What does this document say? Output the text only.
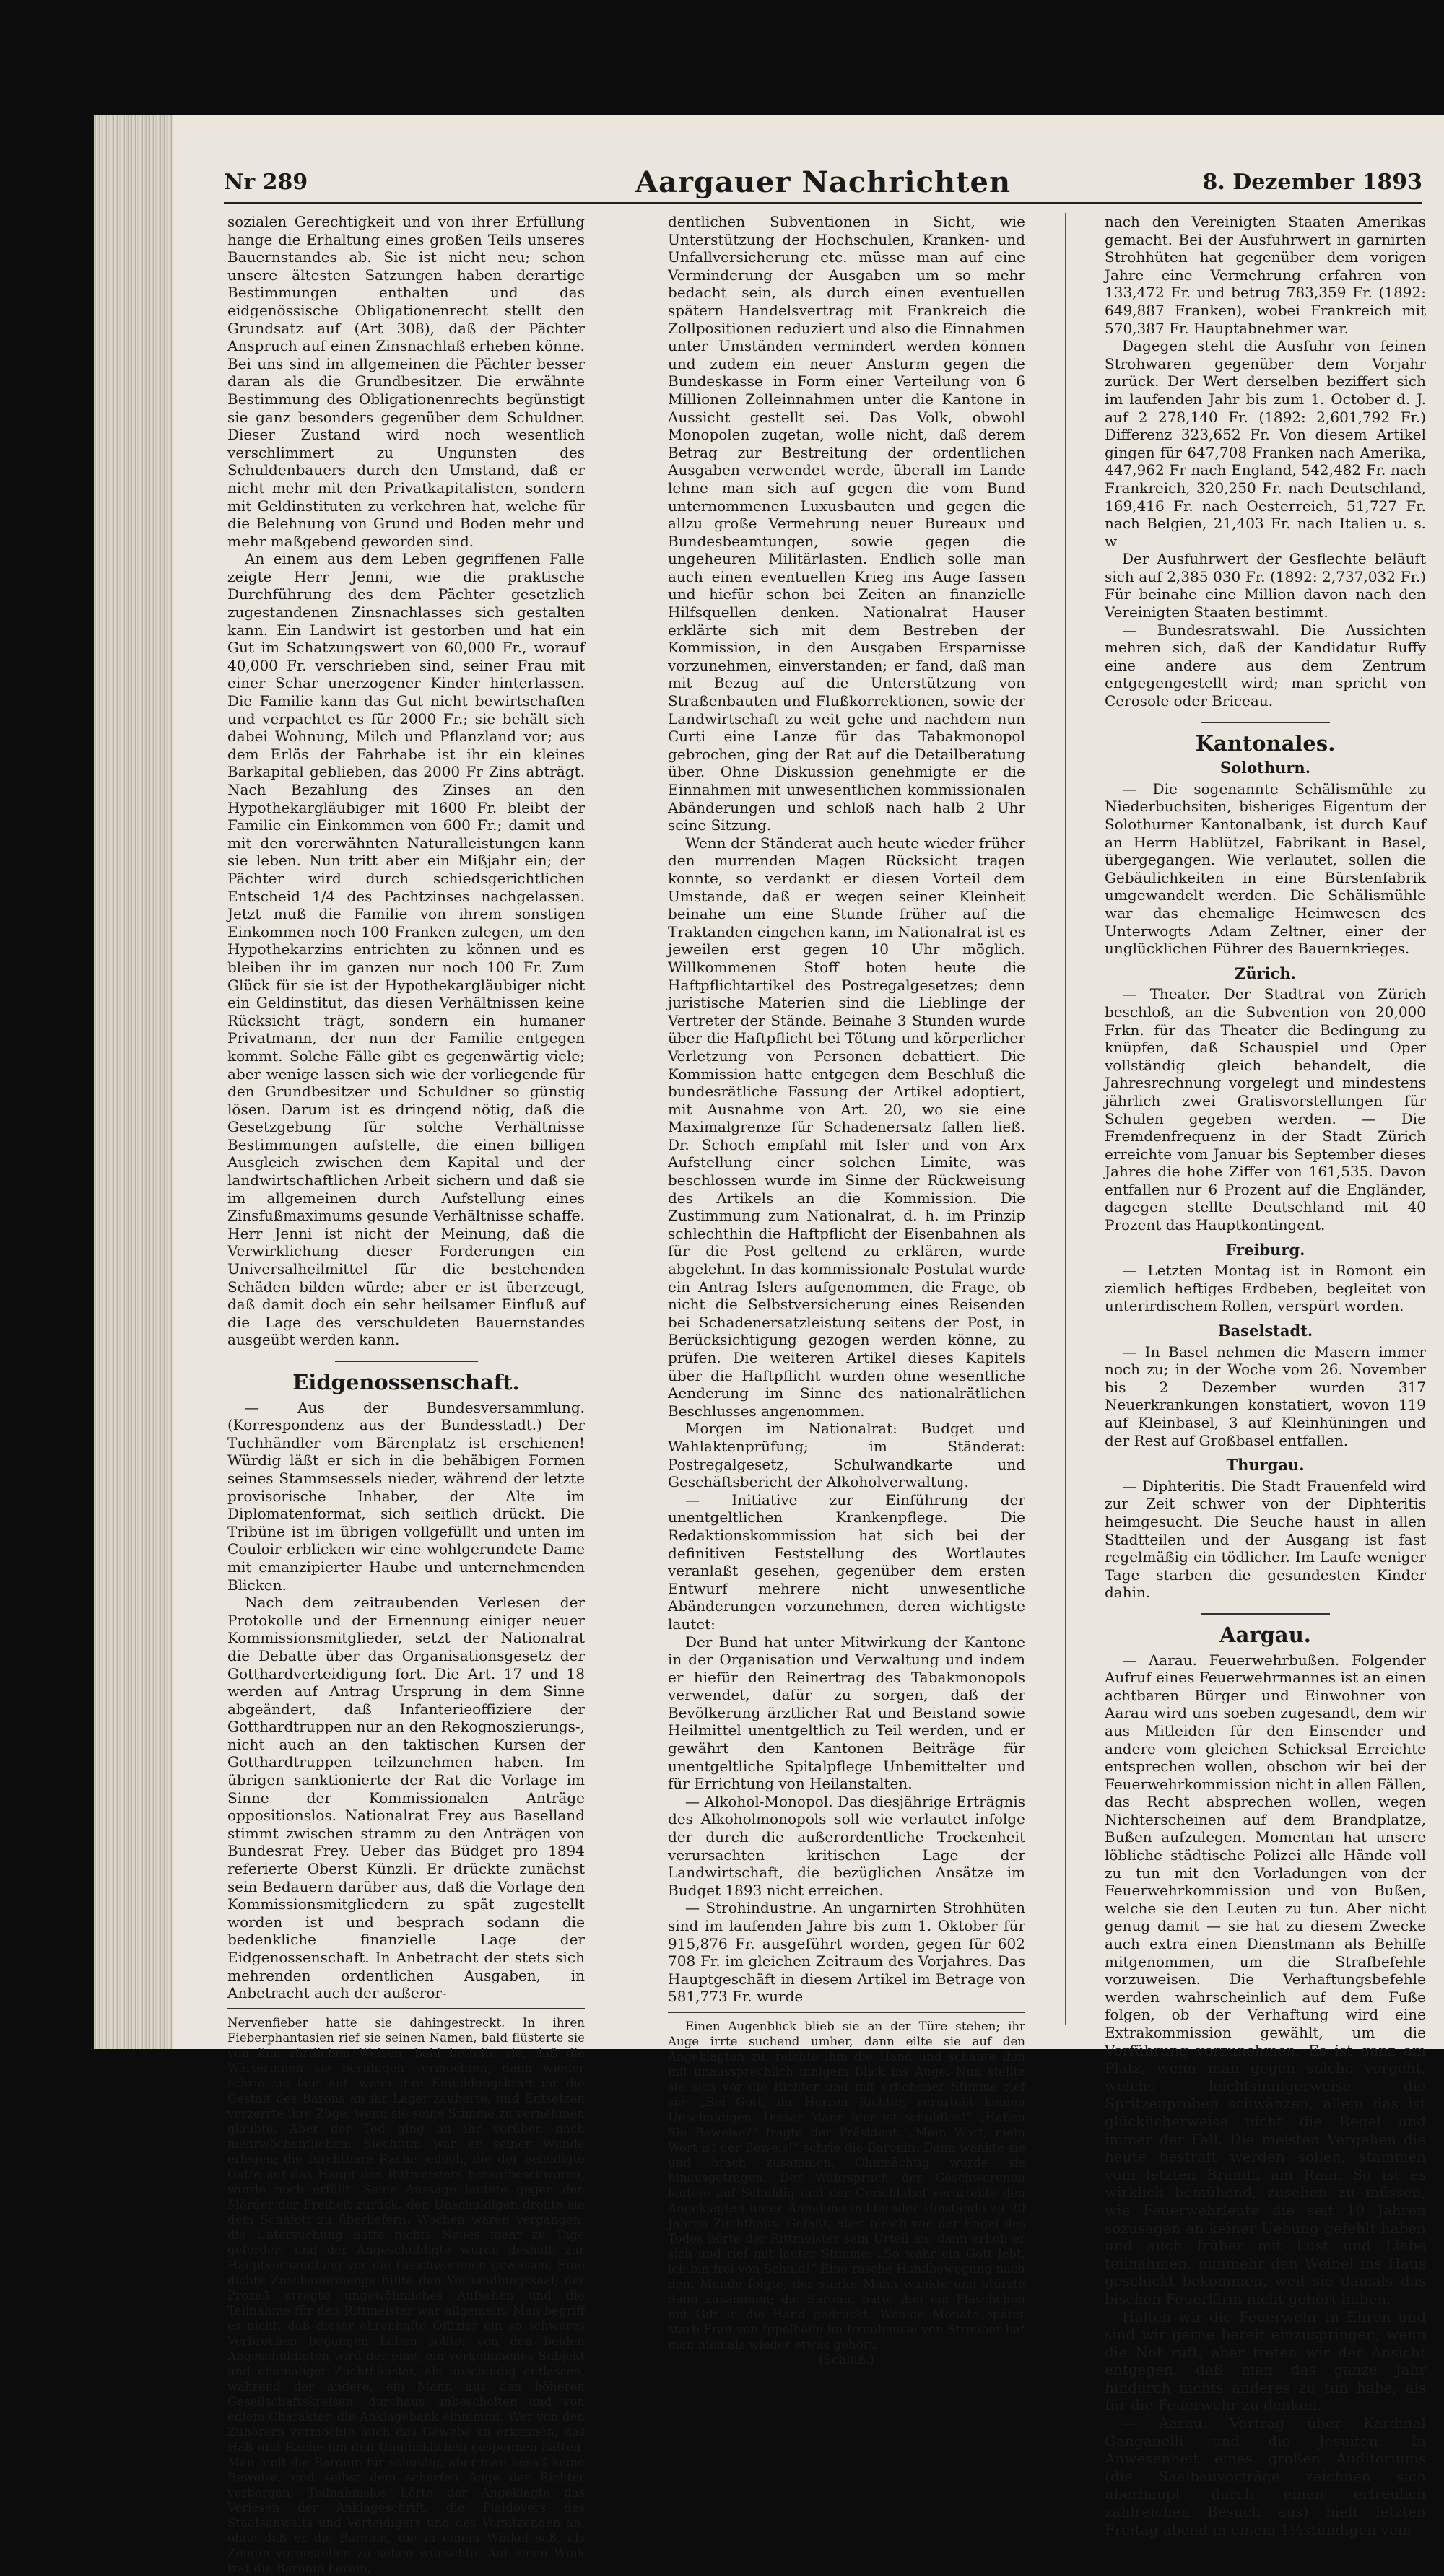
Nr 289	Aargauer Nachrichten	8. Dezember 1893

sozialen Gerechtigkeit und von ihrer Erfüllung hange die Erhaltung eines großen Teils unseres Bauernstandes ab. Sie ist nicht neu; schon unsere ältesten Satzungen haben derartige Bestimmungen enthalten und das eidgenössische Obligationenrecht stellt den Grundsatz auf (Art 308), daß der Pächter Anspruch auf einen Zinsnachlaß erheben könne. Bei uns sind im allgemeinen die Pächter besser daran als die Grundbesitzer. Die erwähnte Bestimmung des Obligationenrechts begünstigt sie ganz besonders gegenüber dem Schuldner. Dieser Zustand wird noch wesentlich verschlimmert zu Ungunsten des Schuldenbauers durch den Umstand, daß er nicht mehr mit den Privatkapitalisten, sondern mit Geldinstituten zu verkehren hat, welche für die Belehnung von Grund und Boden mehr und mehr maßgebend geworden sind.

An einem aus dem Leben gegriffenen Falle zeigte Herr Jenni, wie die praktische Durchführung des dem Pächter gesetzlich zugestandenen Zinsnachlasses sich gestalten kann. Ein Landwirt ist gestorben und hat ein Gut im Schatzungswert von 60,000 Fr., worauf 40,000 Fr. verschrieben sind, seiner Frau mit einer Schar unerzogener Kinder hinterlassen. Die Familie kann das Gut nicht bewirtschaften und verpachtet es für 2000 Fr.; sie behält sich dabei Wohnung, Milch und Pflanzland vor; aus dem Erlös der Fahrhabe ist ihr ein kleines Barkapital geblieben, das 2000 Fr Zins abträgt. Nach Bezahlung des Zinses an den Hypothekargläubiger mit 1600 Fr. bleibt der Familie ein Einkommen von 600 Fr.; damit und mit den vorerwähnten Naturalleistungen kann sie leben. Nun tritt aber ein Mißjahr ein; der Pächter wird durch schiedsgerichtlichen Entscheid 1/4 des Pachtzinses nachgelassen. Jetzt muß die Familie von ihrem sonstigen Einkommen noch 100 Franken zulegen, um den Hypothekarzins entrichten zu können und es bleiben ihr im ganzen nur noch 100 Fr. Zum Glück für sie ist der Hypothekargläubiger nicht ein Geldinstitut, das diesen Verhältnissen keine Rücksicht trägt, sondern ein humaner Privatmann, der nun der Familie entgegen kommt. Solche Fälle gibt es gegenwärtig viele; aber wenige lassen sich wie der vorliegende für den Grundbesitzer und Schuldner so günstig lösen. Darum ist es dringend nötig, daß die Gesetzgebung für solche Verhältnisse Bestimmungen aufstelle, die einen billigen Ausgleich zwischen dem Kapital und der landwirtschaftlichen Arbeit sichern und daß sie im allgemeinen durch Aufstellung eines Zinsfußmaximums gesunde Verhältnisse schaffe. Herr Jenni ist nicht der Meinung, daß die Verwirklichung dieser Forderungen ein Universalheilmittel für die bestehenden Schäden bilden würde; aber er ist überzeugt, daß damit doch ein sehr heilsamer Einfluß auf die Lage des verschuldeten Bauernstandes ausgeübt werden kann.

Eidgenossenschaft.

— Aus der Bundesversammlung. (Korrespondenz aus der Bundesstadt.) Der Tuchhändler vom Bärenplatz ist erschienen! Würdig läßt er sich in die behäbigen Formen seines Stammsessels nieder, während der letzte provisorische Inhaber, der Alte im Diplomatenformat, sich seitlich drückt. Die Tribüne ist im übrigen vollgefüllt und unten im Couloir erblicken wir eine wohlgerundete Dame mit emanzipierter Haube und unternehmenden Blicken.

Nach dem zeitraubenden Verlesen der Protokolle und der Ernennung einiger neuer Kommissionsmitglieder, setzt der Nationalrat die Debatte über das Organisationsgesetz der Gotthardverteidigung fort. Die Art. 17 und 18 werden auf Antrag Ursprung in dem Sinne abgeändert, daß Infanterieoffiziere der Gotthardtruppen nur an den Rekognoszierungs-, nicht auch an den taktischen Kursen der Gotthardtruppen teilzunehmen haben. Im übrigen sanktionierte der Rat die Vorlage im Sinne der Kommissionalen Anträge oppositionslos. Nationalrat Frey aus Baselland stimmt zwischen stramm zu den Anträgen von Bundesrat Frey. Ueber das Büdget pro 1894 referierte Oberst Künzli. Er drückte zunächst sein Bedauern darüber aus, daß die Vorlage den Kommissionsmitgliedern zu spät zugestellt worden ist und besprach sodann die bedenkliche finanzielle Lage der Eidgenossenschaft. In Anbetracht der stets sich mehrenden ordentlichen Ausgaben, in Anbetracht auch der außeror-

Nervenfieber hatte sie dahingestreckt. In ihren Fieberphantasien rief sie seinen Namen, bald flüsterte sie von ihm zärtlichen Weisen, bald bettelte sie, daß die Wärterinnen sie beruhigen vermochten, dann wieder schrie sie laut auf, wenn ihre Einbildungskraft ihr die Gestalt des Barons an ihr Lager zauberte, und Entsetzen verzerrte ihre Züge, wenn sie seine Stimme zu vernehmen glaubte. Aber der Tod ging an ihr vorüber, nach mehrwöchentlichem Siechtum war er seiner Wunde erlegen; die furchtbare Rache jedoch, die der beleidigte Gatte auf das Haupt des Rittmeisters heraufbeschworen, wurde noch erfüllt. Seine Aussage lautete gegen den Mörder der Freiheit zurück, den Unschuldigen drohte sie dem Schafott zu überliefern. Wochen waren vergangen; die Untersuchung hatte nichts Neues mehr zu Tage gefördert und der Angeschuldigte wurde deshalb zur Hauptverhandlung vor die Geschworenen gewiesen. Eine dichte Zuschauermenge füllte den Verhandlungssaal; der Prozeß erregte ungewöhnliches Aufsehen und die Teilnahme für den Rittmeister war allgemein. Man begriff es nicht, daß dieser ehrenhafte Offizier ein so schweres Verbrechen begangen haben sollte; von den beiden Angeschuldigten wird der eine, ein verkommenes Subjekt und ehemaliger Zuchthäusler, als unschuldig entlassen, während der andere, ein Mann aus den höheren Gesellschaftskreisen, durchaus unbescholten und von edlem Charakter, die Anklagebank einnimmt. Wer von den Zuhörern vermochte auch das Gewebe zu erkennen, das Haß und Rache um den Unglücklichen gesponnen hatten. Man hielt die Baronin für schuldig, aber man besaß keine Beweise, und selbst dem scharfen Auge der Richter verborgen. Teilnahmslos hörte der Angeklagte das Verlesen der Anklageschrift, die Plaidoyers des Staatsanwalts und Verteidigers und des Vorsitzenden an, ohne daß er die Baronin, die in einem Winkel saß, als Zeugin vorgestellen zu sehen wünschte. Auf einen Wink trat die Baronin herein,

dentlichen Subventionen in Sicht, wie Unterstützung der Hochschulen, Kranken- und Unfallversicherung etc. müsse man auf eine Verminderung der Ausgaben um so mehr bedacht sein, als durch einen eventuellen spätern Handelsvertrag mit Frankreich die Zollpositionen reduziert und also die Einnahmen unter Umständen vermindert werden können und zudem ein neuer Ansturm gegen die Bundeskasse in Form einer Verteilung von 6 Millionen Zolleinnahmen unter die Kantone in Aussicht gestellt sei. Das Volk, obwohl Monopolen zugetan, wolle nicht, daß derem Betrag zur Bestreitung der ordentlichen Ausgaben verwendet werde, überall im Lande lehne man sich auf gegen die vom Bund unternommenen Luxusbauten und gegen die allzu große Vermehrung neuer Bureaux und Bundesbeamtungen, sowie gegen die ungeheuren Militärlasten. Endlich solle man auch einen eventuellen Krieg ins Auge fassen und hiefür schon bei Zeiten an finanzielle Hilfsquellen denken. Nationalrat Hauser erklärte sich mit dem Bestreben der Kommission, in den Ausgaben Ersparnisse vorzunehmen, einverstanden; er fand, daß man mit Bezug auf die Unterstützung von Straßenbauten und Flußkorrektionen, sowie der Landwirtschaft zu weit gehe und nachdem nun Curti eine Lanze für das Tabakmonopol gebrochen, ging der Rat auf die Detailberatung über. Ohne Diskussion genehmigte er die Einnahmen mit unwesentlichen kommissionalen Abänderungen und schloß nach halb 2 Uhr seine Sitzung.

Wenn der Ständerat auch heute wieder früher den murrenden Magen Rücksicht tragen konnte, so verdankt er diesen Vorteil dem Umstande, daß er wegen seiner Kleinheit beinahe um eine Stunde früher auf die Traktanden eingehen kann, im Nationalrat ist es jeweilen erst gegen 10 Uhr möglich. Willkommenen Stoff boten heute die Haftpflichtartikel des Postregalgesetzes; denn juristische Materien sind die Lieblinge der Vertreter der Stände. Beinahe 3 Stunden wurde über die Haftpflicht bei Tötung und körperlicher Verletzung von Personen debattiert. Die Kommission hatte entgegen dem Beschluß die bundesrätliche Fassung der Artikel adoptiert, mit Ausnahme von Art. 20, wo sie eine Maximalgrenze für Schadenersatz fallen ließ. Dr. Schoch empfahl mit Isler und von Arx Aufstellung einer solchen Limite, was beschlossen wurde im Sinne der Rückweisung des Artikels an die Kommission. Die Zustimmung zum Nationalrat, d. h. im Prinzip schlechthin die Haftpflicht der Eisenbahnen als für die Post geltend zu erklären, wurde abgelehnt. In das kommissionale Postulat wurde ein Antrag Islers aufgenommen, die Frage, ob nicht die Selbstversicherung eines Reisenden bei Schadenersatzleistung seitens der Post, in Berücksichtigung gezogen werden könne, zu prüfen. Die weiteren Artikel dieses Kapitels über die Haftpflicht wurden ohne wesentliche Aenderung im Sinne des nationalrätlichen Beschlusses angenommen.

Morgen im Nationalrat: Budget und Wahlaktenprüfung; im Ständerat: Postregalgesetz, Schulwandkarte und Geschäftsbericht der Alkoholverwaltung.

— Initiative zur Einführung der unentgeltlichen Krankenpflege. Die Redaktionskommission hat sich bei der definitiven Feststellung des Wortlautes veranlaßt gesehen, gegenüber dem ersten Entwurf mehrere nicht unwesentliche Abänderungen vorzunehmen, deren wichtigste lautet:

Der Bund hat unter Mitwirkung der Kantone in der Organisation und Verwaltung und indem er hiefür den Reinertrag des Tabakmonopols verwendet, dafür zu sorgen, daß der Bevölkerung ärztlicher Rat und Beistand sowie Heilmittel unentgeltlich zu Teil werden, und er gewährt den Kantonen Beiträge für unentgeltliche Spitalpflege Unbemittelter und für Errichtung von Heilanstalten.

— Alkohol-Monopol. Das diesjährige Erträgnis des Alkoholmonopols soll wie verlautet infolge der durch die außerordentliche Trockenheit verursachten kritischen Lage der Landwirtschaft, die bezüglichen Ansätze im Budget 1893 nicht erreichen.

— Strohindustrie. An ungarnirten Strohhüten sind im laufenden Jahre bis zum 1. Oktober für 915,876 Fr. ausgeführt worden, gegen für 602 708 Fr. im gleichen Zeitraum des Vorjahres. Das Hauptgeschäft in diesem Artikel im Betrage von 581,773 Fr. wurde

Einen Augenblick blieb sie an der Türe stehen; ihr Auge irrte suchend umher, dann eilte sie auf den Angeklagten zu, reichte ihm die Hand und schaute ihm mit unaussprechlich innigem Blick ins Auge. Nun stellte sie sich vor die Richter und mit erhobener Stimme rief sie: „Bei Gott, ihr Herren Richter, verurteilt keinen Unschuldigen! Dieser Mann hier ist schuldlos!“ „Haben Sie Beweise?“ fragte der Präsident. „Mein Wort, mein Wort ist der Beweis!“ schrie die Baronin. Dann wankte sie und brach zusammen. Ohnmächtig wurde sie hinausgetragen. Der Wahrspruch der Geschworenen lautete auf Schuldig und der Gerichtshof verurteilte den Angeklagten unter Annahme mildernder Umstände zu 20 Jahren Zuchthaus. Gefaßt, aber bleich wie der Engel des Todes hörte der Rittmeister sein Urteil an, dann erhob er sich und rief mit lauter Stimme: „So wahr ein Gott lebt, ich bin frei von Schuld!“ Eine rasche Handbewegung nach dem Munde folgte, der starke Mann wankte und stürzte dann zusammen; die Baronin hatte ihm ein Fläschchen mit Gift in die Hand gedrückt. Wenige Monate später starb Frau von Ippelheim im Irrenhause; von Streuber hat man niemals wieder etwas gehört.

(Schluß.)

nach den Vereinigten Staaten Amerikas gemacht. Bei der Ausfuhrwert in garnirten Strohhüten hat gegenüber dem vorigen Jahre eine Vermehrung erfahren von 133,472 Fr. und betrug 783,359 Fr. (1892: 649,887 Franken), wobei Frankreich mit 570,387 Fr. Hauptabnehmer war.

Dagegen steht die Ausfuhr von feinen Strohwaren gegenüber dem Vorjahr zurück. Der Wert derselben beziffert sich im laufenden Jahr bis zum 1. October d. J. auf 2 278,140 Fr. (1892: 2,601,792 Fr.) Differenz 323,652 Fr. Von diesem Artikel gingen für 647,708 Franken nach Amerika, 447,962 Fr nach England, 542,482 Fr. nach Frankreich, 320,250 Fr. nach Deutschland, 169,416 Fr. nach Oesterreich, 51,727 Fr. nach Belgien, 21,403 Fr. nach Italien u. s. w

Der Ausfuhrwert der Gesflechte beläuft sich auf 2,385 030 Fr. (1892: 2,737,032 Fr.) Für beinahe eine Million davon nach den Vereinigten Staaten bestimmt.

— Bundesratswahl. Die Aussichten mehren sich, daß der Kandidatur Ruffy eine andere aus dem Zentrum entgegengestellt wird; man spricht von Cerosole oder Briceau.

Kantonales.
Solothurn.

— Die sogenannte Schälismühle zu Niederbuchsiten, bisheriges Eigentum der Solothurner Kantonalbank, ist durch Kauf an Herrn Hablützel, Fabrikant in Basel, übergegangen. Wie verlautet, sollen die Gebäulichkeiten in eine Bürstenfabrik umgewandelt werden. Die Schälismühle war das ehemalige Heimwesen des Unterwogts Adam Zeltner, einer der unglücklichen Führer des Bauernkrieges.

Zürich.

— Theater. Der Stadtrat von Zürich beschloß, an die Subvention von 20,000 Frkn. für das Theater die Bedingung zu knüpfen, daß Schauspiel und Oper vollständig gleich behandelt, die Jahresrechnung vorgelegt und mindestens jährlich zwei Gratisvorstellungen für Schulen gegeben werden. — Die Fremdenfrequenz in der Stadt Zürich erreichte vom Januar bis September dieses Jahres die hohe Ziffer von 161,535. Davon entfallen nur 6 Prozent auf die Engländer, dagegen stellte Deutschland mit 40 Prozent das Hauptkontingent.

Freiburg.

— Letzten Montag ist in Romont ein ziemlich heftiges Erdbeben, begleitet von unterirdischem Rollen, verspürt worden.

Baselstadt.

— In Basel nehmen die Masern immer noch zu; in der Woche vom 26. November bis 2 Dezember wurden 317 Neuerkrankungen konstatiert, wovon 119 auf Kleinbasel, 3 auf Kleinhüningen und der Rest auf Großbasel entfallen.

Thurgau.

— Diphteritis. Die Stadt Frauenfeld wird zur Zeit schwer von der Diphteritis heimgesucht. Die Seuche haust in allen Stadtteilen und der Ausgang ist fast regelmäßig ein tödlicher. Im Laufe weniger Tage starben die gesundesten Kinder dahin.

Aargau.

— Aarau. Feuerwehrbußen. Folgender Aufruf eines Feuerwehrmannes ist an einen achtbaren Bürger und Einwohner von Aarau wird uns soeben zugesandt, dem wir aus Mitleiden für den Einsender und andere vom gleichen Schicksal Erreichte entsprechen wollen, obschon wir bei der Feuerwehrkommission nicht in allen Fällen, das Recht absprechen wollen, wegen Nichterscheinen auf dem Brandplatze, Bußen aufzulegen. Momentan hat unsere löbliche städtische Polizei alle Hände voll zu tun mit den Vorladungen von der Feuerwehrkommission und von Bußen, welche sie den Leuten zu tun. Aber nicht genug damit — sie hat zu diesem Zwecke auch extra einen Dienstmann als Behilfe mitgenommen, um die Strafbefehle vorzuweisen. Die Verhaftungsbefehle werden wahrscheinlich auf dem Fuße folgen, ob der Verhaftung wird eine Extrakommission gewählt, um die Vorführung vorzunehmen. Es ist ganz am Platz, wenn man gegen solche vorgeht, welche leichtsinnigerweise die Spritzenproben schwänzen, allein das ist glücklicherweise nicht die Regel und immer der Fall. Die meisten Vergehen die heute bestraft werden sollen, stammen vom letzten Brändli am Rain. So ist es wirklich bemühend, zusehen zu müssen, wie Feuerwehrleute die seit 10 Jahren sozusagen an keiner Uebung gefehlt haben und auch früher mit Lust und Liebe teilnahmen, nunmehr den Weibel ins Haus geschickt bekommen, weil sie damals das bischen Feuerlärm nicht gehört haben.

Halten wir die Feuerwehr in Ehren und sind wir gerne bereit einzuspringen, wenn die Not ruft, aber treten wir der Ansicht entgegen, daß man das ganze Jahr hindurch nichts anderes zu tun habe, als für die Feuerwehr zu denken.

— Aarau. Vortrag über Kardinal Ganganelli und die Jesuiten. In Anwesenheit eines großen Auditoriums (die Saalbauvorträge zeichnen sich überhaupt durch einen erfreulich zahlreichen Besuch aus) hielt letzten Freitag abend in einem 1½stündigen vom
